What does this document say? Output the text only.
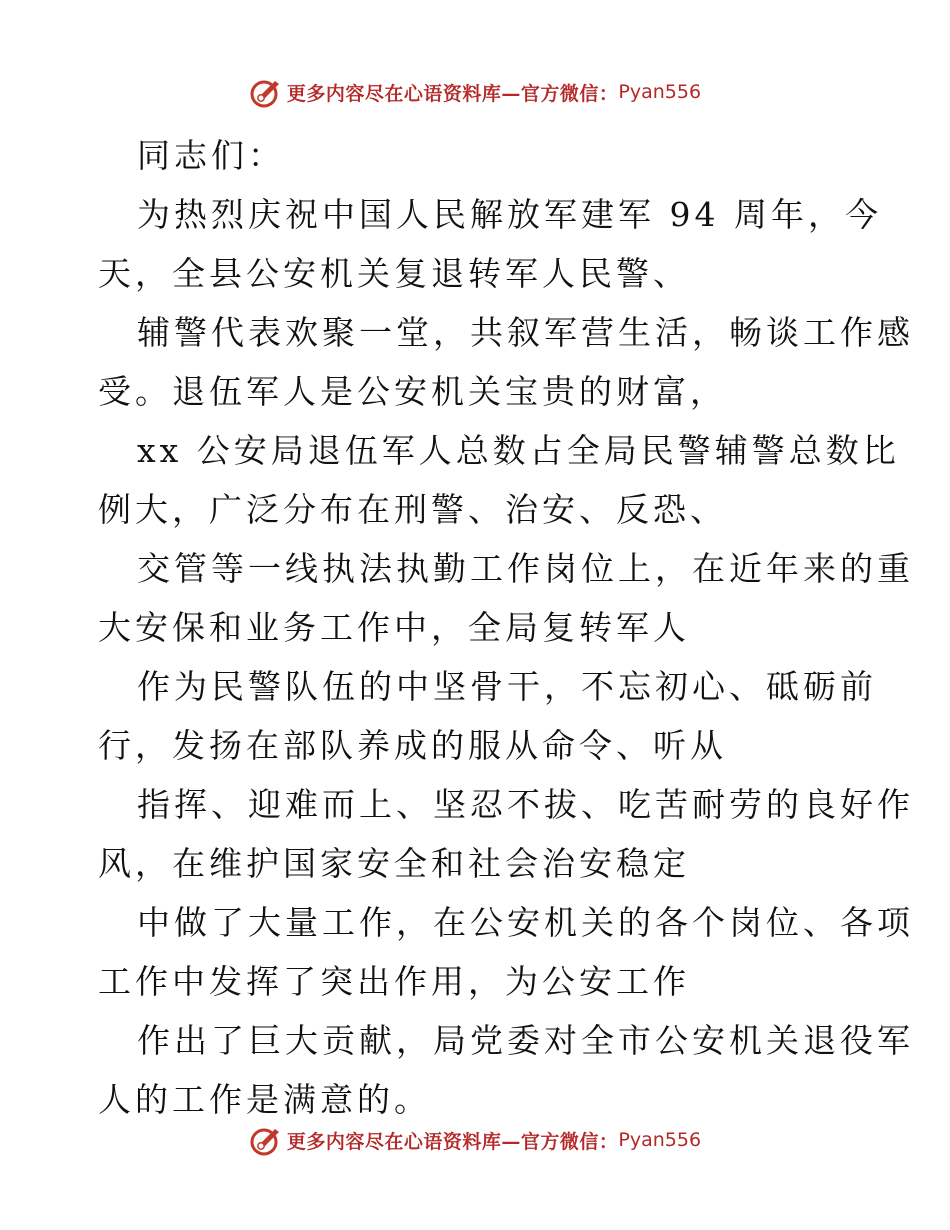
更多内容尽在心语资料库—官方微信： Pyan556

同志们：

为热烈庆祝中国人民解放军建军 94 周年，今

天，全县公安机关复退转军人民警、

辅警代表欢聚一堂，共叙军营生活，畅谈工作感

受。退伍军人是公安机关宝贵的财富，

xx 公安局退伍军人总数占全局民警辅警总数比

例大，广泛分布在刑警、治安、反恐、

交管等一线执法执勤工作岗位上，在近年来的重

大安保和业务工作中，全局复转军人

作为民警队伍的中坚骨干，不忘初心、砥砺前

行，发扬在部队养成的服从命令、听从

指挥、迎难而上、坚忍不拔、吃苦耐劳的良好作

风，在维护国家安全和社会治安稳定

中做了大量工作，在公安机关的各个岗位、各项

工作中发挥了突出作用，为公安工作

作出了巨大贡献，局党委对全市公安机关退役军

人的工作是满意的。

更多内容尽在心语资料库—官方微信： Pyan556
